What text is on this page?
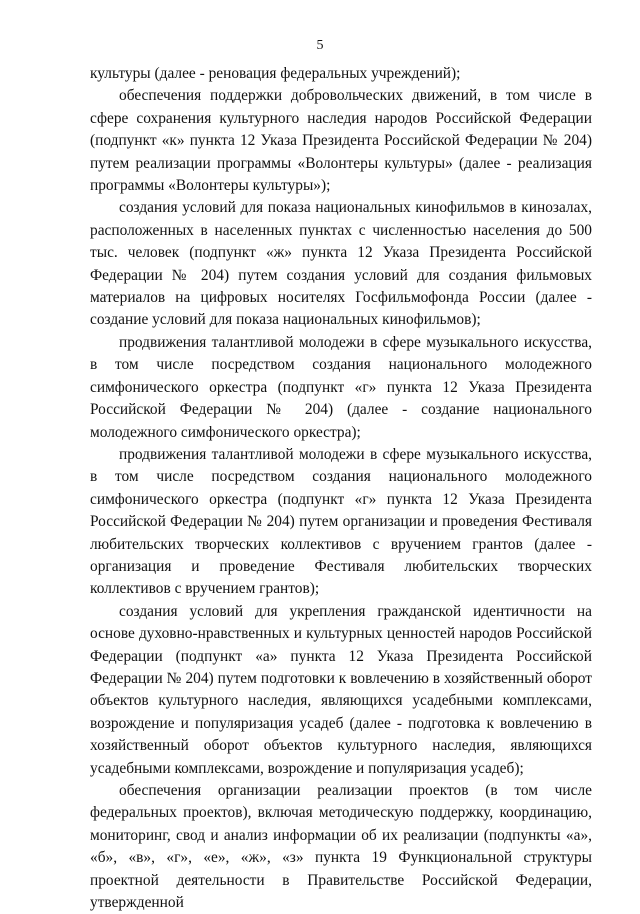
5

культуры (далее - реновация федеральных учреждений);

обеспечения поддержки добровольческих движений, в том числе в сфере сохранения культурного наследия народов Российской Федерации (подпункт «к» пункта 12 Указа Президента Российской Федерации № 204) путем реализации программы «Волонтеры культуры» (далее - реализация программы «Волонтеры культуры»);

создания условий для показа национальных кинофильмов в кинозалах, расположенных в населенных пунктах с численностью населения до 500 тыс. человек (подпункт «ж» пункта 12 Указа Президента Российской Федерации № 204) путем создания условий для создания фильмовых материалов на цифровых носителях Госфильмофонда России (далее - создание условий для показа национальных кинофильмов);

продвижения талантливой молодежи в сфере музыкального искусства, в том числе посредством создания национального молодежного симфонического оркестра (подпункт «г» пункта 12 Указа Президента Российской Федерации № 204) (далее - создание национального молодежного симфонического оркестра);

продвижения талантливой молодежи в сфере музыкального искусства, в том числе посредством создания национального молодежного симфонического оркестра (подпункт «г» пункта 12 Указа Президента Российской Федерации № 204) путем организации и проведения Фестиваля любительских творческих коллективов с вручением грантов (далее - организация и проведение Фестиваля любительских творческих коллективов с вручением грантов);

создания условий для укрепления гражданской идентичности на основе духовно-нравственных и культурных ценностей народов Российской Федерации (подпункт «а» пункта 12 Указа Президента Российской Федерации № 204) путем подготовки к вовлечению в хозяйственный оборот объектов культурного наследия, являющихся усадебными комплексами, возрождение и популяризация усадеб (далее - подготовка к вовлечению в хозяйственный оборот объектов культурного наследия, являющихся усадебными комплексами, возрождение и популяризация усадеб);

обеспечения организации реализации проектов (в том числе федеральных проектов), включая методическую поддержку, координацию, мониторинг, свод и анализ информации об их реализации (подпункты «а», «б», «в», «г», «е», «ж», «з» пункта 19 Функциональной структуры проектной деятельности в Правительстве Российской Федерации, утвержденной
